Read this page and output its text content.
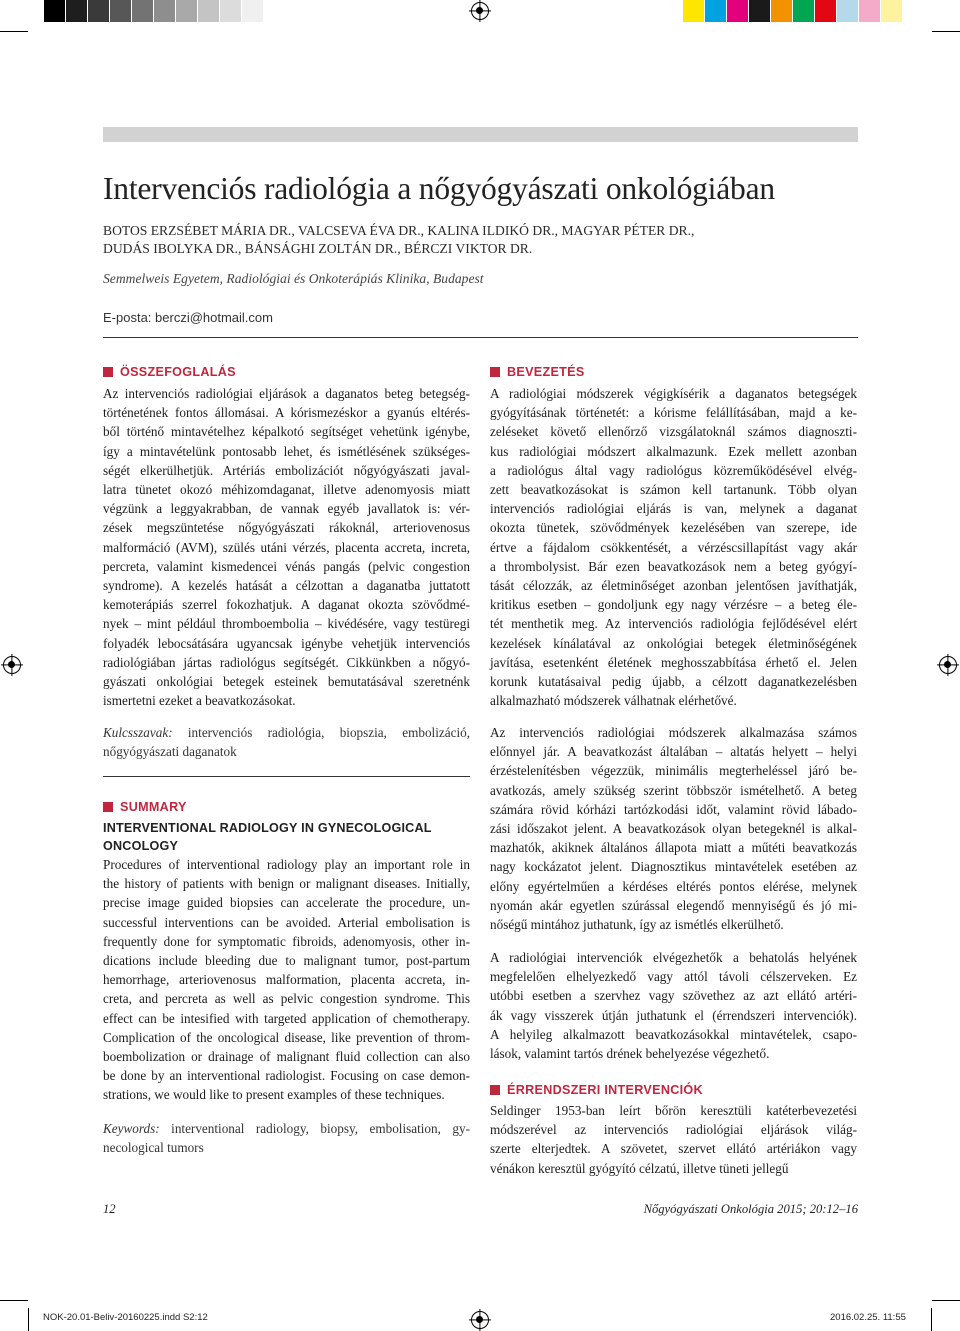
Intervenciós radiológia a nőgyógyászati onkológiában
BOTOS ERZSÉBET MÁRIA DR., VALCSEVA ÉVA DR., KALINA ILDIKÓ DR., MAGYAR PÉTER DR.,
DUDÁS IBOLYKA DR., BÁNSÁGHI ZOLTÁN DR., BÉRCZI VIKTOR DR.
Semmelweis Egyetem, Radiológiai és Onkoterápiás Klinika, Budapest
E-posta: berczi@hotmail.com
ÖSSZEFOGLALÁS
Az intervenciós radiológiai eljárások a daganatos beteg betegség-
történetének fontos állomásai. A kórismezéskor a gyanús eltérés-
ből történő mintavételhez képalkotó segítséget vehetünk igénybe,
így a mintavételünk pontosabb lehet, és ismétlésének szükséges-
ségét elkerülhetjük. Artériás embolizációt nőgyógyászati javal-
latra tünetet okozó méhizomdaganat, illetve adenomyosis miatt
végzünk a leggyakrabban, de vannak egyéb javallatok is: vér-
zések megszüntetése nőgyógyászati rákoknál, arteriovenosus
malformáció (AVM), szülés utáni vérzés, placenta accreta, increta,
percreta, valamint kismedencei vénás pangás (pelvic congestion
syndrome). A kezelés hatását a célzottan a daganatba juttatott
kemoterápiás szerrel fokozhatjuk. A daganat okozta szövődmé-
nyek – mint például thromboembolia – kivédésére, vagy testüregi
folyadék lebocsátására ugyancsak igénybe vehetjük intervenciós
radiológiában jártas radiológus segítségét. Cikkünkben a nőgyó-
gyászati onkológiai betegek esteinek bemutatásával szeretnénk
ismertetni ezeket a beavatkozásokat.
Kulcsszavak: intervenciós radiológia, biopszia, embolizáció,
nőgyógyászati daganatok
SUMMARY
INTERVENTIONAL RADIOLOGY IN GYNECOLOGICAL
ONCOLOGY
Procedures of interventional radiology play an important role in
the history of patients with benign or malignant diseases. Initially,
precise image guided biopsies can accelerate the procedure, un-
successful interventions can be avoided. Arterial embolisation is
frequently done for symptomatic fibroids, adenomyosis, other in-
dications include bleeding due to malignant tumor, post-partum
hemorrhage, arteriovenosus malformation, placenta accreta, in-
creta, and percreta as well as pelvic congestion syndrome. This
effect can be intesified with targeted application of chemotherapy.
Complication of the oncological disease, like prevention of throm-
boembolization or drainage of malignant fluid collection can also
be done by an interventional radiologist. Focusing on case demon-
strations, we would like to present examples of these techniques.
Keywords: interventional radiology, biopsy, embolisation, gy-
necological tumors
BEVEZETÉS
A radiológiai módszerek végigkísérik a daganatos betegségek
gyógyításának történetét: a kórisme felállításában, majd a ke-
zeléseket követő ellenőrző vizsgálatoknál számos diagnoszti-
kus radiológiai módszert alkalmazunk. Ezek mellett azonban
a radiológus által vagy radiológus közreműködésével elvég-
zett beavatkozásokat is számon kell tartanunk. Több olyan
intervenciós radiológiai eljárás is van, melynek a daganat
okozta tünetek, szövődmények kezelésében van szerepe, ide
értve a fájdalom csökkentését, a vérzéscsillapítást vagy akár
a thrombolysist. Bár ezen beavatkozások nem a beteg gyógyí-
tását célozzák, az életminőséget azonban jelentősen javíthatják,
kritikus esetben – gondoljunk egy nagy vérzésre – a beteg éle-
tét menthetik meg. Az intervenciós radiológia fejlődésével elért
kezelések kínálatával az onkológiai betegek életminőségének
javítása, esetenként életének meghosszabbítása érhető el. Jelen
korunk kutatásaival pedig újabb, a célzott daganatkezelésben
alkalmazható módszerek válhatnak elérhetővé.
Az intervenciós radiológiai módszerek alkalmazása számos
előnnyel jár. A beavatkozást általában – altatás helyett – helyi
érzéstelenítésben végezzük, minimális megterheléssel járó be-
avatkozás, amely szükség szerint többször ismételhető. A beteg
számára rövid kórházi tartózkodási időt, valamint rövid lábado-
zási időszakot jelent. A beavatkozások olyan betegeknél is alkal-
mazhatók, akiknek általános állapota miatt a műtéti beavatkozás
nagy kockázatot jelent. Diagnosztikus mintavételek esetében az
előny egyértelműen a kérdéses eltérés pontos elérése, melynek
nyomán akár egyetlen szúrással elegendő mennyiségű és jó mi-
nőségű mintához juthatunk, így az ismétlés elkerülhető.
A radiológiai intervenciók elvégezhetők a behatolás helyének
megfelelően elhelyezkedő vagy attól távoli célszerveken. Ez
utóbbi esetben a szervhez vagy szövethez az azt ellátó artéri-
ák vagy visszerek útján juthatunk el (érrendszeri intervenciók).
A helyileg alkalmazott beavatkozásokkal mintavételek, csapo-
lások, valamint tartós drének behelyezése végezhető.
ÉRRENDSZERI INTERVENCIÓK
Seldinger 1953-ban leírt bőrön keresztüli katéterbevezetési
módszerével az intervenciós radiológiai eljárások világ-
szerte elterjedtek. A szövetet, szervet ellátó artériákon vagy
vénákon keresztül gyógyító célzatú, illetve tüneti jellegű
12	Nőgyógyászati Onkológia 2015; 20:12–16
NOK-20.01-Beliv-20160225.indd S2:12	2016.02.25. 11:55
